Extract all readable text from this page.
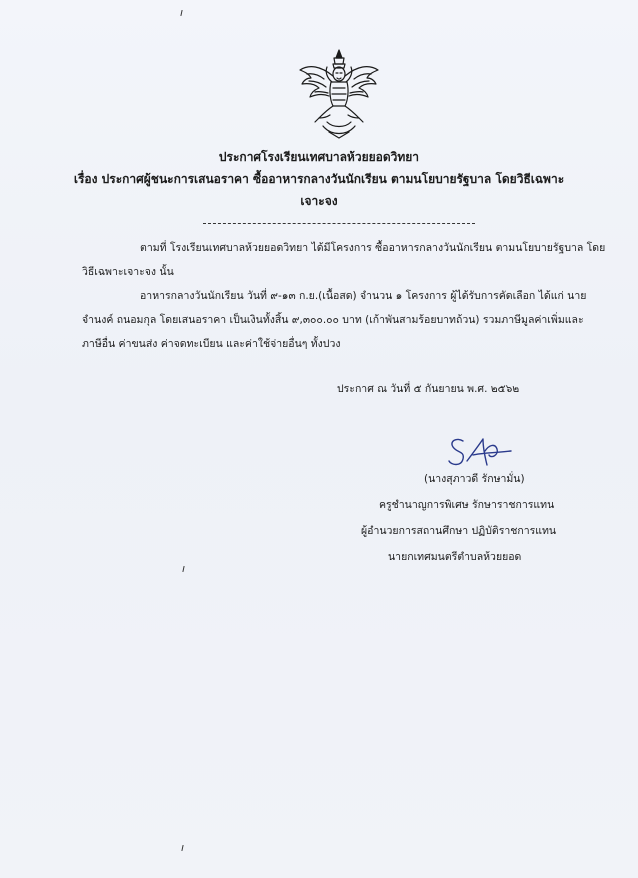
ประกาศโรงเรียนเทศบาลห้วยยอดวิทยา
เรื่อง ประกาศผู้ชนะการเสนอราคา ซื้ออาหารกลางวันนักเรียน ตามนโยบายรัฐบาล โดยวิธีเฉพาะ
เจาะจง
ตามที่ โรงเรียนเทศบาลห้วยยอดวิทยา ได้มีโครงการ ซื้ออาหารกลางวันนักเรียน ตามนโยบายรัฐบาล โดย
วิธีเฉพาะเจาะจง นั้น
อาหารกลางวันนักเรียน วันที่ ๙-๑๓ ก.ย.(เนื้อสด) จำนวน ๑ โครงการ ผู้ได้รับการคัดเลือก ได้แก่ นาย
จำนงค์ ถนอมกุล โดยเสนอราคา เป็นเงินทั้งสิ้น ๙,๓๐๐.๐๐ บาท (เก้าพันสามร้อยบาทถ้วน) รวมภาษีมูลค่าเพิ่มและ
ภาษีอื่น ค่าขนส่ง ค่าจดทะเบียน และค่าใช้จ่ายอื่นๆ ทั้งปวง
ประกาศ ณ วันที่ ๕ กันยายน พ.ศ. ๒๕๖๒
(นางสุภาวดี รักษามั่น)
ครูชำนาญการพิเศษ รักษาราชการแทน
ผู้อำนวยการสถานศึกษา ปฏิบัติราชการแทน
นายกเทศมนตรีตำบลห้วยยอด
